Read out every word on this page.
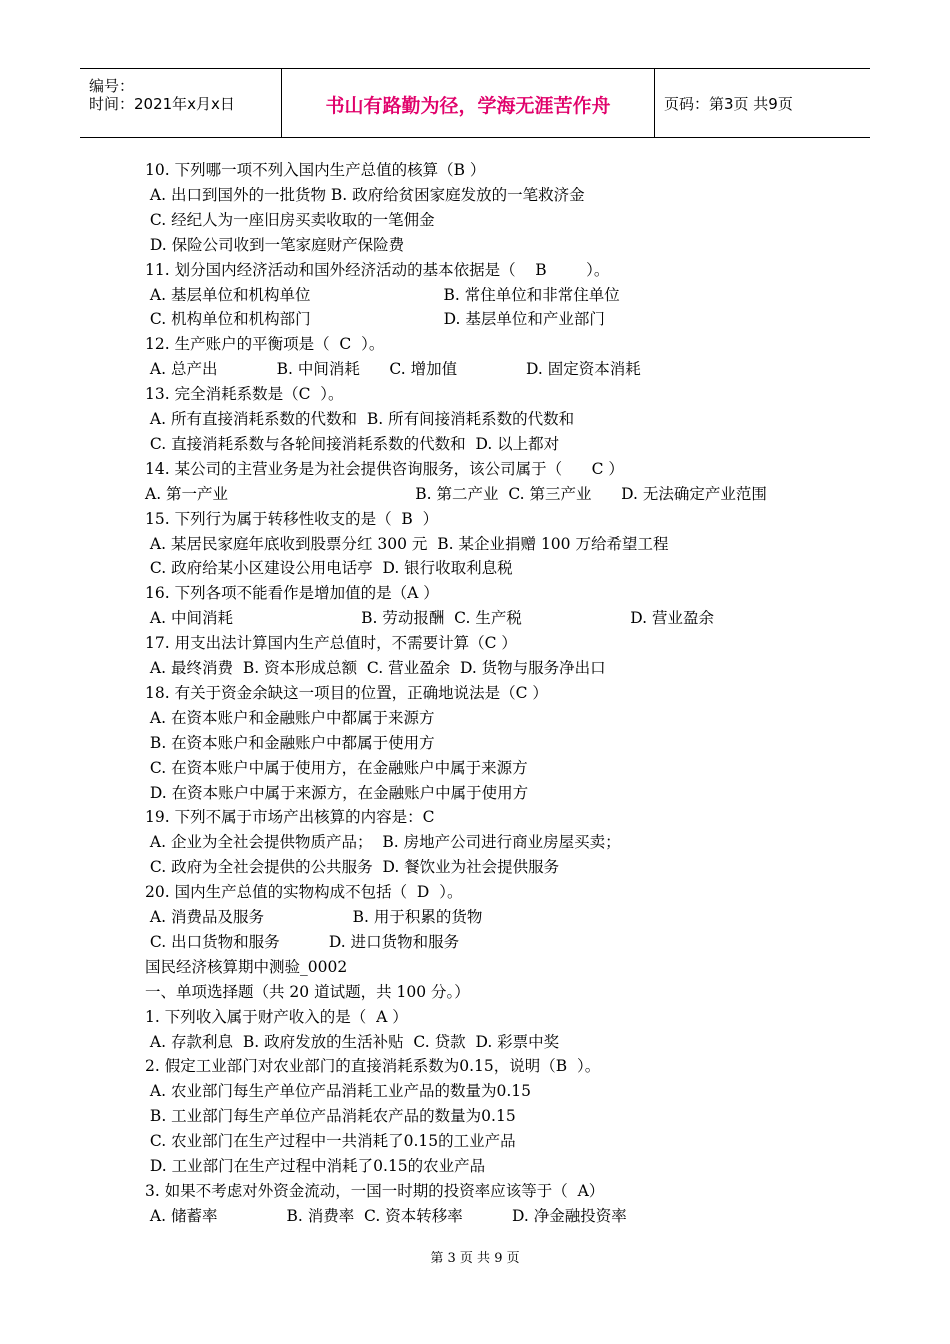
编号：
时间：2021年x月x日	书山有路勤为径，学海无涯苦作舟	页码：第3页 共9页
10. 下列哪一项不列入国内生产总值的核算（B ）
A. 出口到国外的一批货物 B. 政府给贫困家庭发放的一笔救济金
C. 经纪人为一座旧房买卖收取的一笔佣金
D. 保险公司收到一笔家庭财产保险费
11. 划分国内经济活动和国外经济活动的基本依据是（    B        ）。
A. 基层单位和机构单位                           B. 常住单位和非常住单位
C. 机构单位和机构部门                           D. 基层单位和产业部门
12. 生产账户的平衡项是（  C  ）。
A. 总产出            B. 中间消耗      C. 增加值              D. 固定资本消耗
13. 完全消耗系数是（C  ）。
A. 所有直接消耗系数的代数和  B. 所有间接消耗系数的代数和
C. 直接消耗系数与各轮间接消耗系数的代数和  D. 以上都对
14. 某公司的主营业务是为社会提供咨询服务，该公司属于（      C ）
A. 第一产业                                      B. 第二产业  C. 第三产业      D. 无法确定产业范围
15. 下列行为属于转移性收支的是（  B  ）
A. 某居民家庭年底收到股票分红 300 元  B. 某企业捐赠 100 万给希望工程
C. 政府给某小区建设公用电话亭  D. 银行收取利息税
16. 下列各项不能看作是增加值的是（A ）
A. 中间消耗                          B. 劳动报酬  C. 生产税                      D. 营业盈余
17. 用支出法计算国内生产总值时，不需要计算（C ）
A. 最终消费  B. 资本形成总额  C. 营业盈余  D. 货物与服务净出口
18. 有关于资金余缺这一项目的位置，正确地说法是（C ）
A. 在资本账户和金融账户中都属于来源方
B. 在资本账户和金融账户中都属于使用方
C. 在资本账户中属于使用方，在金融账户中属于来源方
D. 在资本账户中属于来源方，在金融账户中属于使用方
19. 下列不属于市场产出核算的内容是：C
A. 企业为全社会提供物质产品；  B. 房地产公司进行商业房屋买卖；
C. 政府为全社会提供的公共服务  D. 餐饮业为社会提供服务
20. 国内生产总值的实物构成不包括（  D  ）。
A. 消费品及服务                  B. 用于积累的货物
C. 出口货物和服务          D. 进口货物和服务
国民经济核算期中测验_0002
一、单项选择题（共 20 道试题，共 100 分。）
1. 下列收入属于财产收入的是（  A ）
A. 存款利息  B. 政府发放的生活补贴  C. 贷款  D. 彩票中奖
2. 假定工业部门对农业部门的直接消耗系数为0.15，说明（B  ）。
A. 农业部门每生产单位产品消耗工业产品的数量为0.15
B. 工业部门每生产单位产品消耗农产品的数量为0.15
C. 农业部门在生产过程中一共消耗了0.15的工业产品
D. 工业部门在生产过程中消耗了0.15的农业产品
3. 如果不考虑对外资金流动，一国一时期的投资率应该等于（  A）
A. 储蓄率              B. 消费率  C. 资本转移率          D. 净金融投资率
第 3 页 共 9 页
